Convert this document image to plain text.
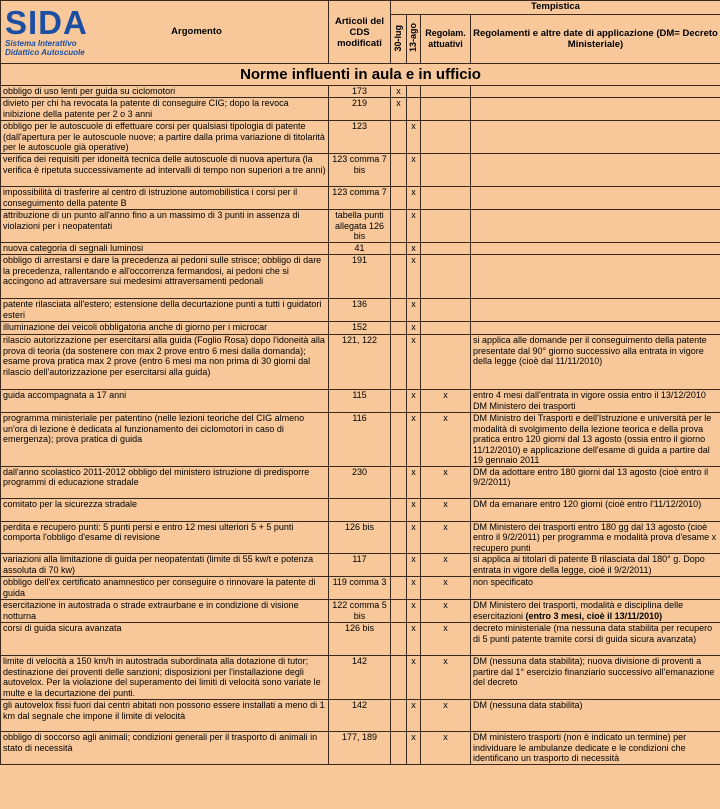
SIDA
Sistema Interattivo
Didattico Autoscuole
Argomento	Articoli del CDS modificati	Tempistica			
		30-lug	13-ago	Regolam. attuativi	Regolamenti e altre date di applicazione (DM= Decreto Ministeriale)
Norme influenti in aula e in ufficio					
obbligo di uso lenti per guida su ciclomotori	173	x			
divieto per chi ha revocata la patente di conseguire CIG; dopo la revoca inibizione della patente per 2 o 3 anni	219	x			
obbligo per le autoscuole di effettuare corsi per qualsiasi tipologia di patente (dall'apertura per le autoscuole nuove; a partire dalla prima variazione di titolarità per le autoscuole già operative)	123		x		
verifica dei requisiti per idoneità tecnica delle autoscuole di nuova apertura (la verifica è ripetuta successivamente ad intervalli di tempo non superiori a tre anni)	123 comma 7 bis		x		
impossibilità di trasferire al centro di istruzione automobilistica i corsi per il conseguimento della patente B	123 comma 7		x		
attribuzione di un punto all'anno fino a un massimo di 3 punti in assenza di violazioni per i neopatentati	tabella punti allegata 126 bis		x		
nuova categoria di segnali luminosi	41		x		
obbligo di arrestarsi e dare la precedenza ai pedoni sulle strisce; obbligo di dare la precedenza, rallentando e all'occorrenza fermandosi, ai pedoni che si accingono ad attraversare sui medesimi attraversamenti pedonali	191		x		
patente rilasciata all'estero; estensione della decurtazione punti a tutti i guidatori esteri	136		x		
illuminazione dei veicoli obbligatoria anche di giorno per i microcar	152		x		
rilascio autorizzazione per esercitarsi alla guida (Foglio Rosa) dopo l'idoneità alla prova di teoria (da sostenere con max 2 prove entro 6 mesi dalla domanda); esame prova pratica max 2 prove (entro 6 mesi ma non prima di 30 giorni dal rilascio dell'autorizzazione per esercitarsi alla guida)	121, 122		x		si applica alle domande per il conseguimento della patente presentate dal 90° giorno successivo alla entrata in vigore della legge (cioè dal 11/11/2010)
guida accompagnata a 17 anni	115		x	x	entro 4 mesi dall'entrata in vigore ossia entro il 13/12/2010 DM Ministero dei trasporti
programma ministeriale per patentino (nelle lezioni teoriche del CIG almeno un'ora di lezione è dedicata al funzionamento dei ciclomotori in caso di emergenza); prova pratica di guida	116		x	x	DM Ministro dei Trasporti e dell'Istruzione e università per le modalità di svolgimento della lezione teorica e della prova pratica entro 120 giorni dal 13 agosto (ossia entro il giorno 11/12/2010) e applicazione dell'esame di guida a partire dal 19 gennaio 2011
dall'anno scolastico 2011-2012 obbligo del ministero istruzione di predisporre programmi di educazione stradale	230		x	x	DM da adottare entro 180 giorni dal 13 agosto (cioè entro il 9/2/2011)
comitato per la sicurezza stradale			x	x	DM da emanare entro 120 giorni (cioè entro l'11/12/2010)
perdita e recupero punti: 5 punti persi e entro 12 mesi ulteriori 5 + 5 punti comporta l'obbligo d'esame di revisione	126 bis		x	x	DM Ministero dei trasporti entro 180 gg dal 13 agosto (cioè entro il 9/2/2011) per programma e modalità prova d'esame x recupero punti
variazioni alla limitazione di guida per neopatentati (limite di 55 kw/t e potenza assoluta di 70 kw)	117		x	x	si applica ai titolari di patente B rilasciata dal 180° g. Dopo entrata in vigore della legge, cioè il 9/2/2011)
obbligo dell'ex certificato anamnestico per conseguire o rinnovare la patente di guida	119 comma 3		x	x	non specificato
esercitazione in autostrada o strade extraurbane e in condizione di visione notturna	122 comma 5 bis		x	x	DM Ministero dei trasporti, modalità e disciplina delle esercitazioni (entro 3 mesi, cioè il 13/11/2010)
corsi di guida sicura avanzata	126 bis		x	x	decreto ministeriale (ma nessuna data stabilita per recupero di 5 punti patente tramite corsi di guida sicura avanzata)
limite di velocità a 150 km/h in autostrada subordinata alla dotazione di tutor; destinazione dei proventi delle sanzioni; disposizioni per l'installazione degli autovelox. Per la violazione del superamento dei limiti di velocità sono variate le multe e la decurtazione dei punti.	142		x	x	DM (nessuna data stabilita); nuova divisione di proventi a partire dal 1° esercizio finanziario successivo all'emanazione del decreto
gli autovelox fissi fuori dai centri abitati non possono essere installati a meno di 1 km dal segnale che impone il limite di velocità	142		x	x	DM (nessuna data stabilita)
obbligo di soccorso agli animali; condizioni generali per il trasporto di animali in stato di necessità	177, 189		x	x	DM ministero trasporti (non è indicato un termine) per individuare le ambulanze dedicate e le condizioni che identificano un trasporto di necessità
